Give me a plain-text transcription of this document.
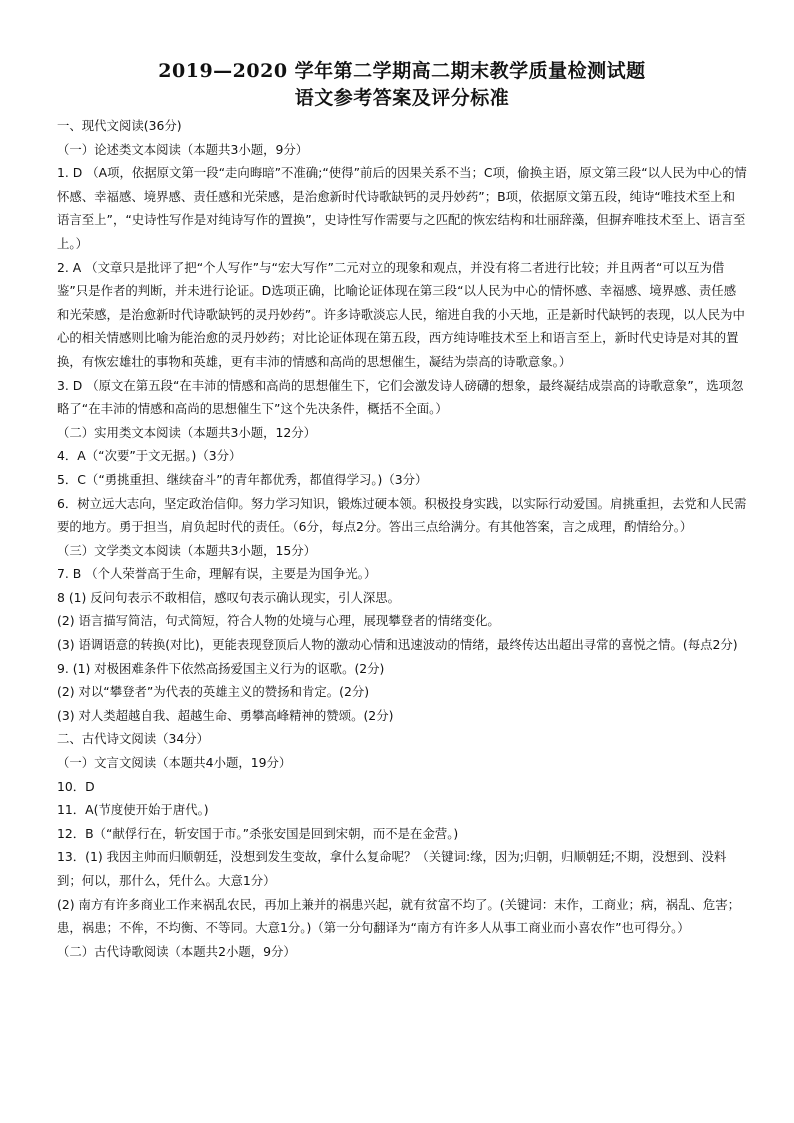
2019—2020 学年第二学期高二期末教学质量检测试题
语文参考答案及评分标准

一、现代文阅读(36分)

（一）论述类文本阅读（本题共3小题，9分）

1. D （A项，依据原文第一段“走向晦暗”不准确;“使得”前后的因果关系不当；C项，偷换主语，原文第三段“以人民为中心的情怀感、幸福感、境界感、责任感和光荣感，是治愈新时代诗歌缺钙的灵丹妙药”；B项，依据原文第五段，纯诗“唯技术至上和语言至上”，“史诗性写作是对纯诗写作的置换”，史诗性写作需要与之匹配的恢宏结构和壮丽辞藻，但摒弃唯技术至上、语言至上。）

2. A （文章只是批评了把“个人写作”与“宏大写作”二元对立的现象和观点，并没有将二者进行比较；并且两者“可以互为借鉴”只是作者的判断，并未进行论证。D选项正确，比喻论证体现在第三段“以人民为中心的情怀感、幸福感、境界感、责任感和光荣感，是治愈新时代诗歌缺钙的灵丹妙药”。许多诗歌淡忘人民，缩进自我的小天地，正是新时代缺钙的表现，以人民为中心的相关情感则比喻为能治愈的灵丹妙药；对比论证体现在第五段，西方纯诗唯技术至上和语言至上，新时代史诗是对其的置换，有恢宏雄壮的事物和英雄，更有丰沛的情感和高尚的思想催生，凝结为崇高的诗歌意象。）

3. D （原文在第五段“在丰沛的情感和高尚的思想催生下，它们会激发诗人磅礴的想象，最终凝结成崇高的诗歌意象”，选项忽略了“在丰沛的情感和高尚的思想催生下”这个先决条件，概括不全面。）

（二）实用类文本阅读（本题共3小题，12分）

4．A（“次要”于文无据。)（3分）

5．C（“勇挑重担、继续奋斗”的青年都优秀，都值得学习。)（3分）

6．树立远大志向，坚定政治信仰。努力学习知识，锻炼过硬本领。积极投身实践，以实际行动爱国。肩挑重担，去党和人民需要的地方。勇于担当，肩负起时代的责任。（6分，每点2分。答出三点给满分。有其他答案，言之成理，酌情给分。）

（三）文学类文本阅读（本题共3小题，15分）

7. B （个人荣誉高于生命，理解有误，主要是为国争光。）

8 (1) 反问句表示不敢相信，感叹句表示确认现实，引人深思。

(2) 语言描写简洁，句式简短，符合人物的处境与心理，展现攀登者的情绪变化。

(3) 语调语意的转换(对比)，更能表现登顶后人物的激动心情和迅速波动的情绪，最终传达出超出寻常的喜悦之情。(每点2分)

9. (1) 对极困难条件下依然高扬爱国主义行为的讴歌。(2分)

(2) 对以“攀登者”为代表的英雄主义的赞扬和肯定。(2分)

(3) 对人类超越自我、超越生命、勇攀高峰精神的赞颂。(2分)

二、古代诗文阅读（34分）

（一）文言文阅读（本题共4小题，19分）

10．D

11．A(节度使开始于唐代。)

12．B（“献俘行在，斩安国于市。”杀张安国是回到宋朝，而不是在金营。)

13．(1) 我因主帅而归顺朝廷，没想到发生变故，拿什么复命呢？（关键词:缘，因为;归朝，归顺朝廷;不期，没想到、没料到；何以，那什么，凭什么。大意1分）

(2) 南方有许多商业工作来祸乱农民，再加上兼并的祸患兴起，就有贫富不均了。(关键词：末作，工商业；病，祸乱、危害；患，祸患；不侔，不均衡、不等同。大意1分。)（第一分句翻译为“南方有许多人从事工商业而小喜农作”也可得分。）

（二）古代诗歌阅读（本题共2小题，9分）
